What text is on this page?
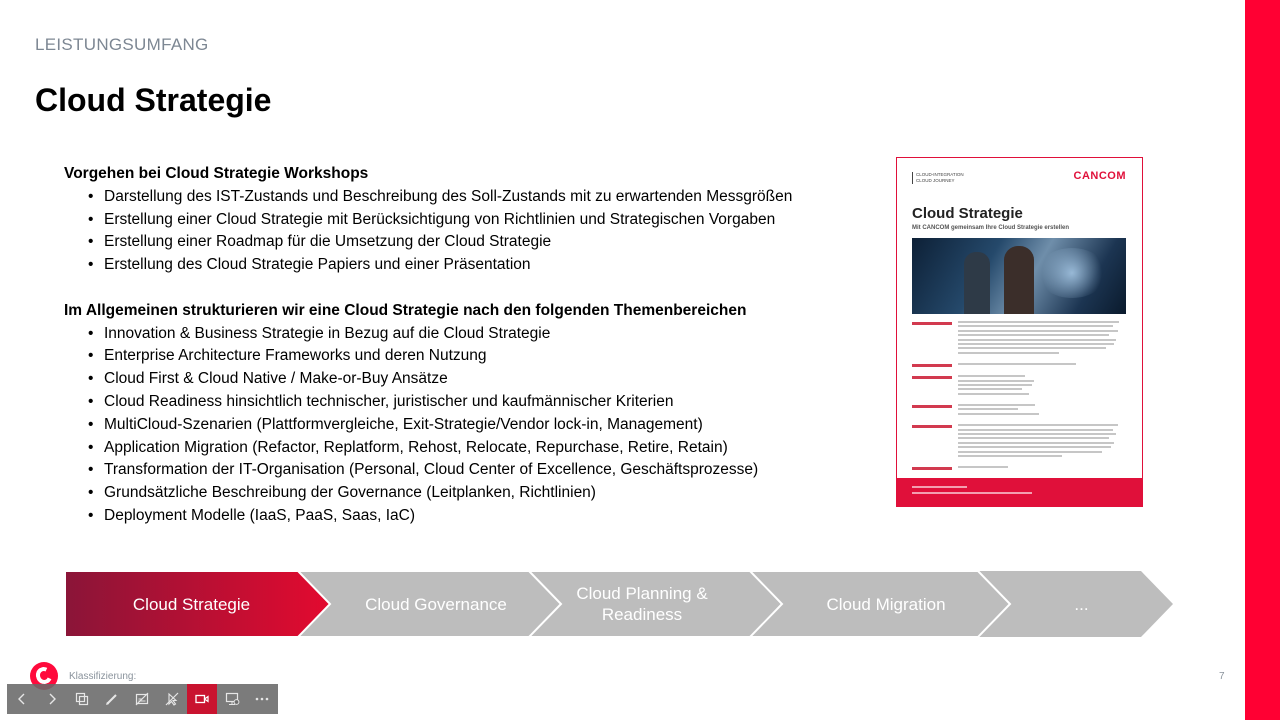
LEISTUNGSUMFANG
Cloud Strategie
Vorgehen bei Cloud Strategie Workshops
• Darstellung des IST-Zustands und Beschreibung des Soll-Zustands mit zu erwartenden Messgrößen
• Erstellung einer Cloud Strategie mit Berücksichtigung von Richtlinien und Strategischen Vorgaben
• Erstellung einer Roadmap für die Umsetzung der Cloud Strategie
• Erstellung des Cloud Strategie Papiers und einer Präsentation
Im Allgemeinen strukturieren wir eine Cloud Strategie nach den folgenden Themenbereichen
• Innovation & Business Strategie in Bezug auf die Cloud Strategie
• Enterprise Architecture Frameworks und deren Nutzung
• Cloud First & Cloud Native / Make-or-Buy Ansätze
• Cloud Readiness hinsichtlich technischer, juristischer und kaufmännischer Kriterien
• MultiCloud-Szenarien (Plattformvergleiche, Exit-Strategie/Vendor lock-in, Management)
• Application Migration (Refactor, Replatform, Rehost, Relocate, Repurchase, Retire, Retain)
• Transformation der IT-Organisation (Personal, Cloud Center of Excellence, Geschäftsprozesse)
• Grundsätzliche Beschreibung der Governance (Leitplanken, Richtlinien)
• Deployment Modelle (IaaS, PaaS, Saas, IaC)
CLOUD-INTEGRATION
CLOUD JOURNEY	CANCOM
Cloud Strategie
Mit CANCOM gemeinsam Ihre Cloud Strategie erstellen
Cloud Strategie	Cloud Governance
Cloud Planning & Readiness
Cloud Migration	...
Klassifizierung:	7
